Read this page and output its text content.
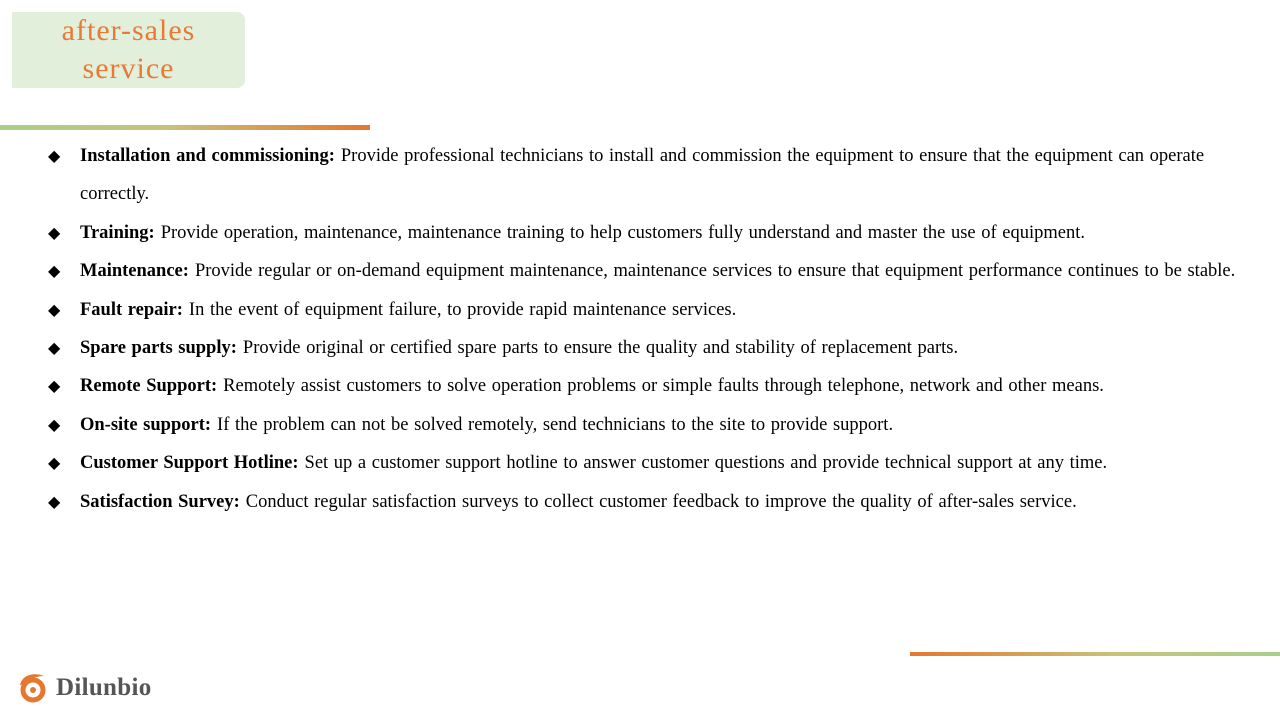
after-sales
service
◆ Installation and commissioning: Provide professional technicians to install and commission the equipment to ensure that the equipment can operate correctly.
◆ Training: Provide operation, maintenance, maintenance training to help customers fully understand and master the use of equipment.
◆ Maintenance: Provide regular or on-demand equipment maintenance, maintenance services to ensure that equipment performance continues to be stable.
◆ Fault repair: In the event of equipment failure, to provide rapid maintenance services.
◆ Spare parts supply: Provide original or certified spare parts to ensure the quality and stability of replacement parts.
◆ Remote Support: Remotely assist customers to solve operation problems or simple faults through telephone, network and other means.
◆ On-site support: If the problem can not be solved remotely, send technicians to the site to provide support.
◆ Customer Support Hotline: Set up a customer support hotline to answer customer questions and provide technical support at any time.
◆ Satisfaction Survey: Conduct regular satisfaction surveys to collect customer feedback to improve the quality of after-sales service.
Dilunbio
